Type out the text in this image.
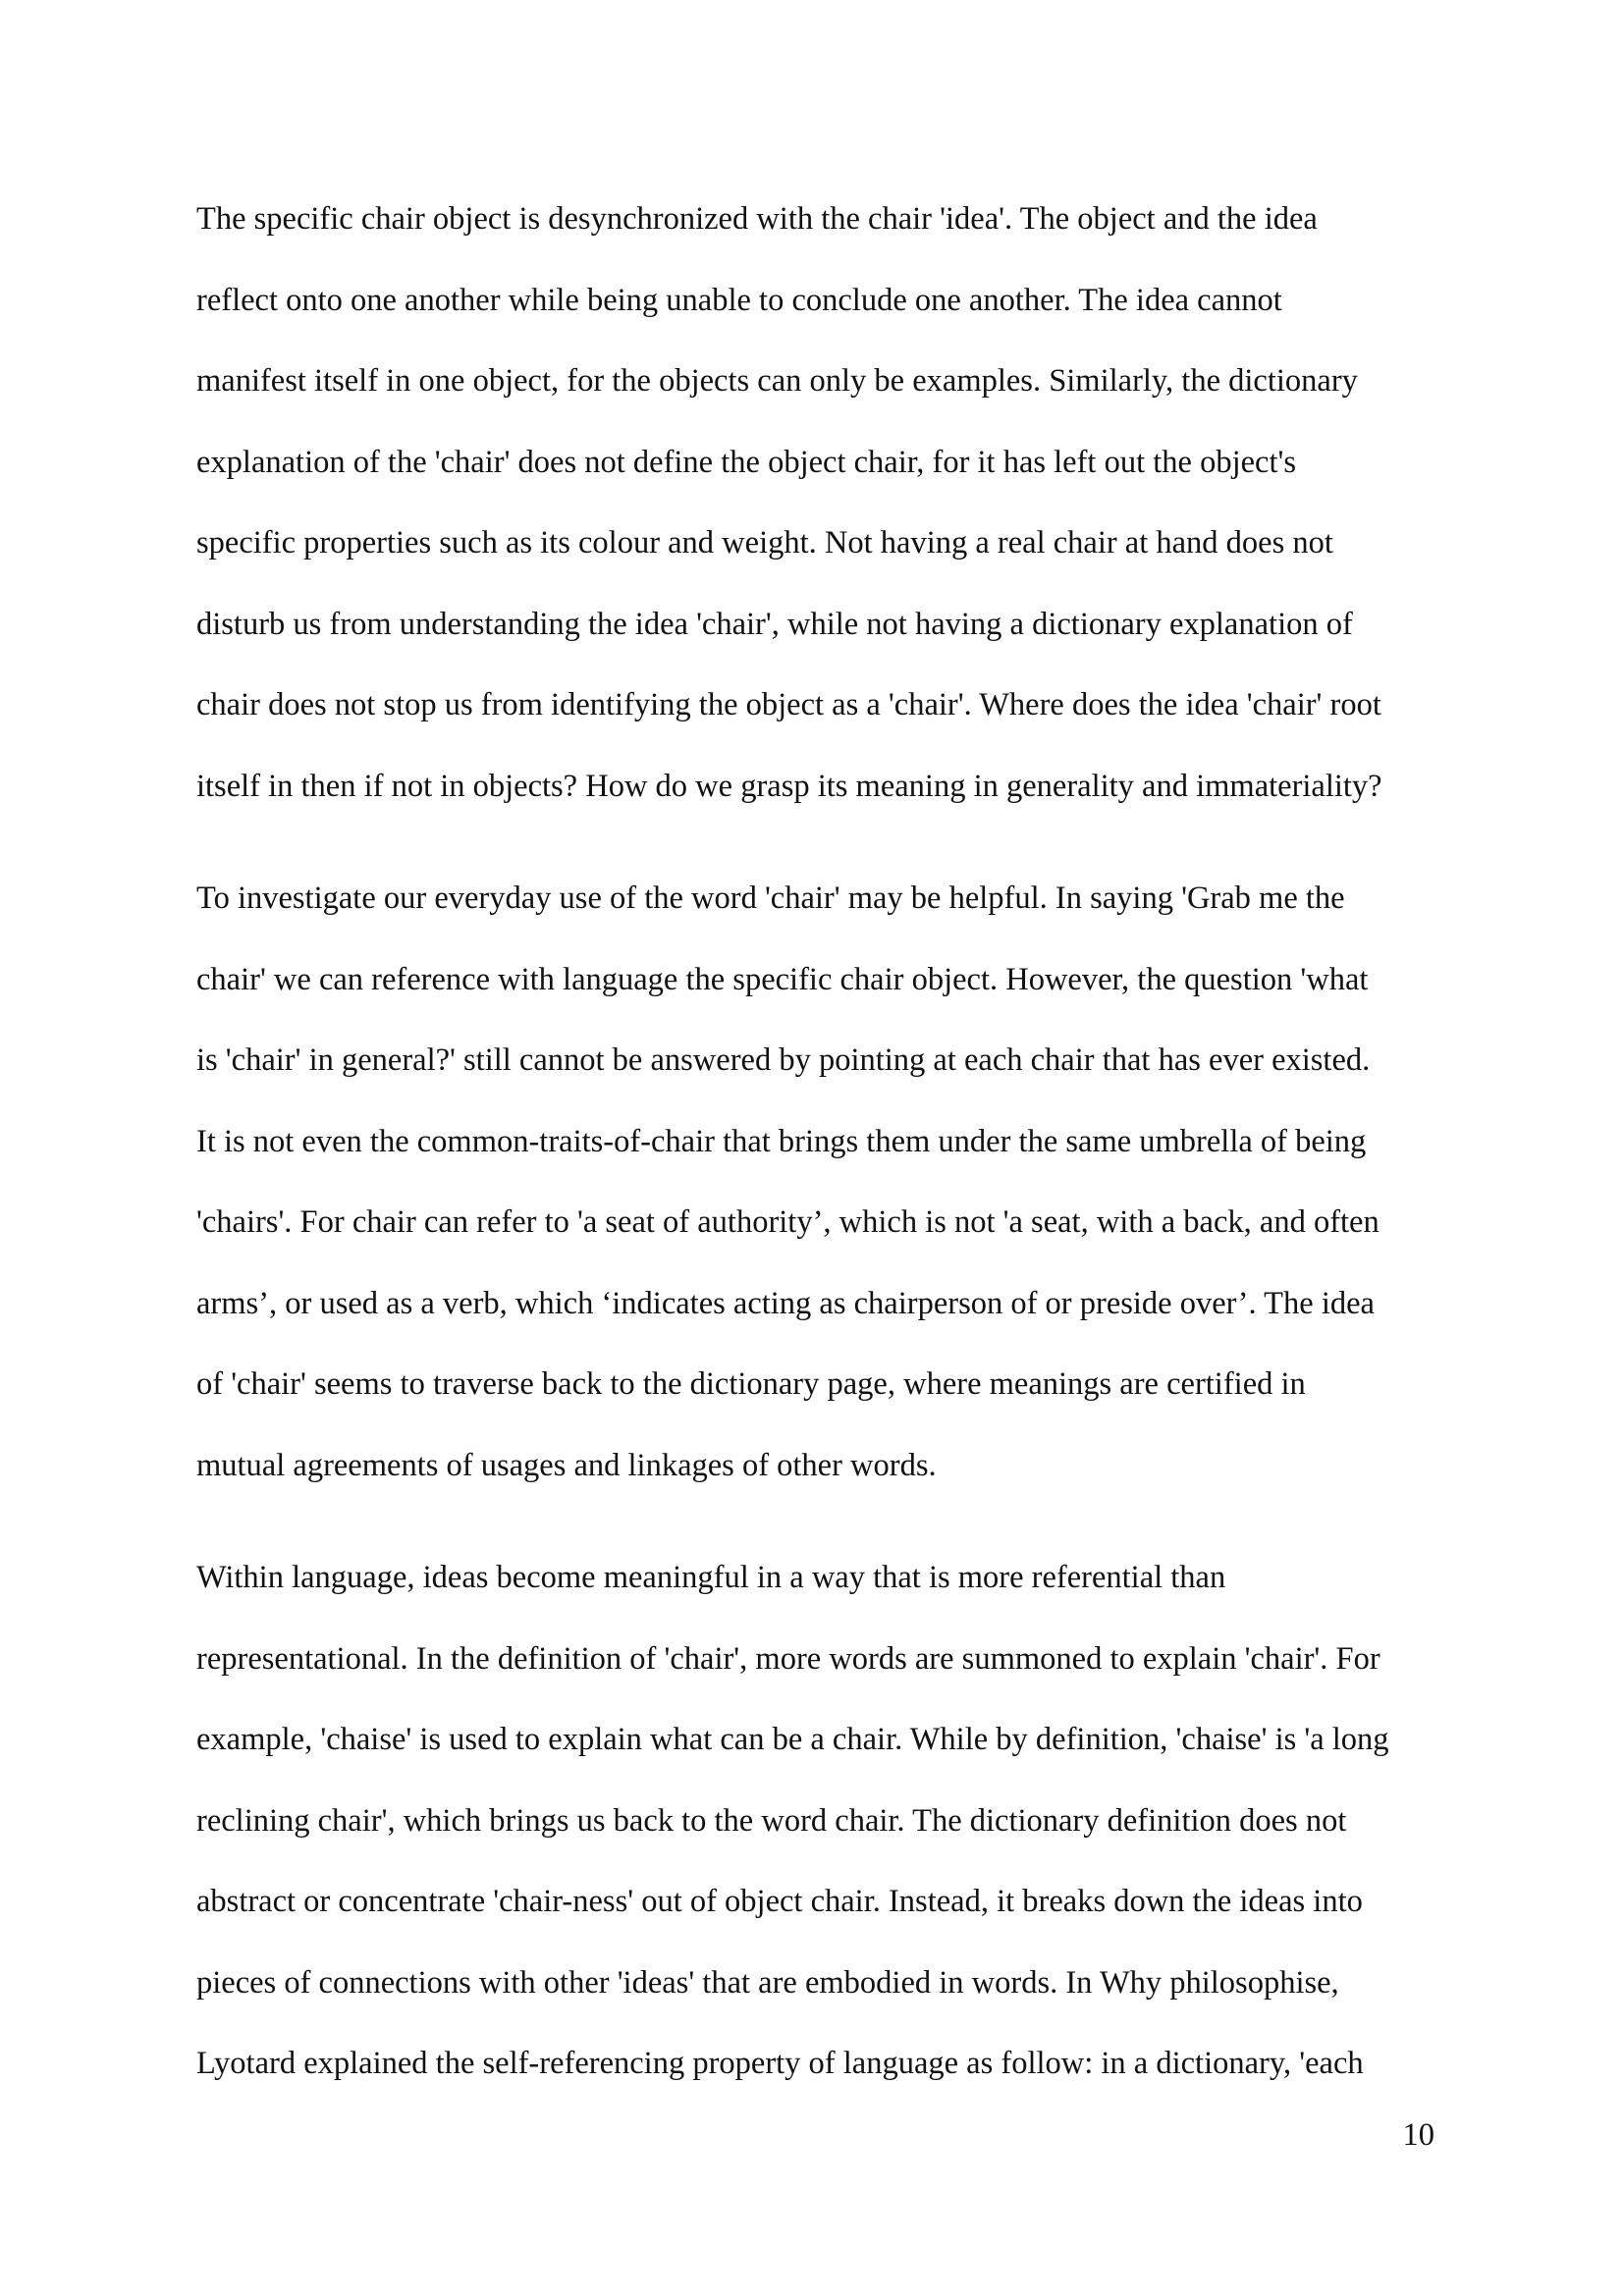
The specific chair object is desynchronized with the chair 'idea'. The object and the idea
reflect onto one another while being unable to conclude one another. The idea cannot
manifest itself in one object, for the objects can only be examples. Similarly, the dictionary
explanation of the 'chair' does not define the object chair, for it has left out the object's
specific properties such as its colour and weight. Not having a real chair at hand does not
disturb us from understanding the idea 'chair', while not having a dictionary explanation of
chair does not stop us from identifying the object as a 'chair'. Where does the idea 'chair' root
itself in then if not in objects? How do we grasp its meaning in generality and immateriality?
To investigate our everyday use of the word 'chair' may be helpful. In saying 'Grab me the
chair' we can reference with language the specific chair object. However, the question 'what
is 'chair' in general?' still cannot be answered by pointing at each chair that has ever existed.
It is not even the common-traits-of-chair that brings them under the same umbrella of being
'chairs'. For chair can refer to 'a seat of authority’, which is not 'a seat, with a back, and often
arms’, or used as a verb, which ‘indicates acting as chairperson of or preside over’. The idea
of 'chair' seems to traverse back to the dictionary page, where meanings are certified in
mutual agreements of usages and linkages of other words.
Within language, ideas become meaningful in a way that is more referential than
representational. In the definition of 'chair', more words are summoned to explain 'chair'. For
example, 'chaise' is used to explain what can be a chair. While by definition, 'chaise' is 'a long
reclining chair', which brings us back to the word chair. The dictionary definition does not
abstract or concentrate 'chair-ness' out of object chair. Instead, it breaks down the ideas into
pieces of connections with other 'ideas' that are embodied in words. In Why philosophise,
Lyotard explained the self-referencing property of language as follow: in a dictionary, 'each
10
